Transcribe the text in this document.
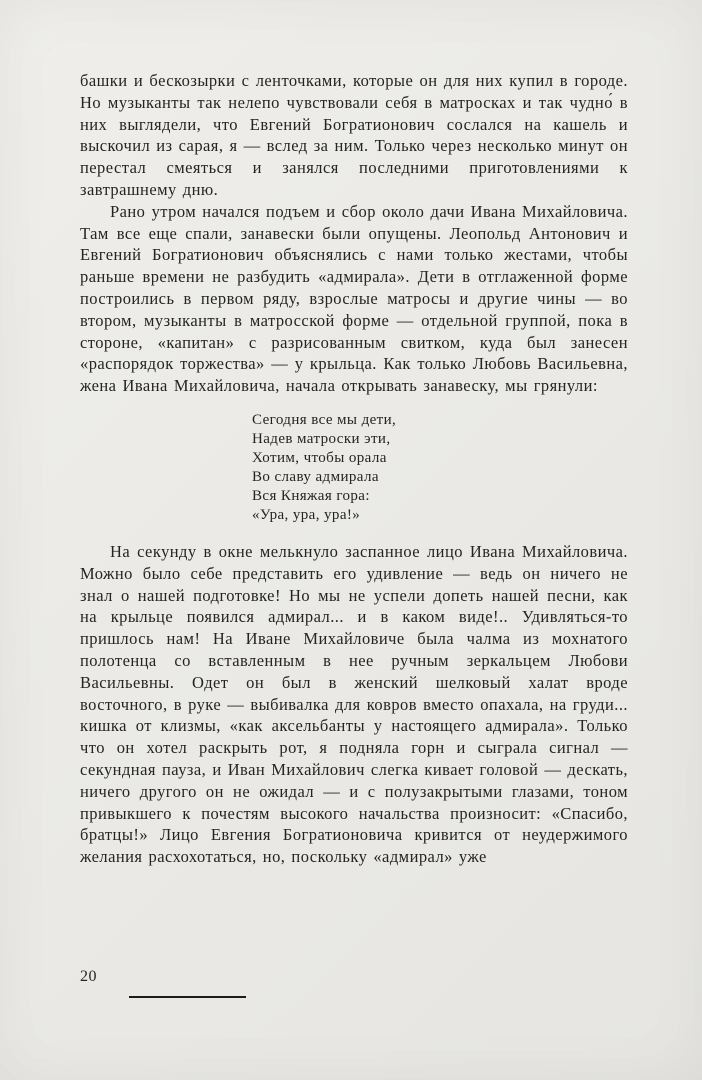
башки и бескозырки с ленточками, которые он для них купил в городе. Но музыканты так нелепо чувствовали себя в матросках и так чудно́ в них выглядели, что Евгений Богратионович сослался на кашель и выскочил из сарая, я — вслед за ним. Только через несколько минут он перестал смеяться и занялся последними приготовлениями к завтрашнему дню.

Рано утром начался подъем и сбор около дачи Ивана Михайловича. Там все еще спали, занавески были опущены. Леопольд Антонович и Евгений Богратионович объяснялись с нами только жестами, чтобы раньше времени не разбудить «адмирала». Дети в отглаженной форме построились в первом ряду, взрослые матросы и другие чины — во втором, музыканты в матросской форме — отдельной группой, пока в стороне, «капитан» с разрисованным свитком, куда был занесен «распорядок торжества» — у крыльца. Как только Любовь Васильевна, жена Ивана Михайловича, начала открывать занавеску, мы грянули:

Сегодня все мы дети,
Надев матроски эти,
Хотим, чтобы орала
Во славу адмирала
Вся Княжая гора:
«Ура, ура, ура!»

На секунду в окне мелькнуло заспанное лицо Ивана Михайловича. Можно было себе представить его удивление — ведь он ничего не знал о нашей подготовке! Но мы не успели допеть нашей песни, как на крыльце появился адмирал... и в каком виде!.. Удивляться-то пришлось нам! На Иване Михайловиче была чалма из мохнатого полотенца со вставленным в нее ручным зеркальцем Любови Васильевны. Одет он был в женский шелковый халат вроде восточного, в руке — выбивалка для ковров вместо опахала, на груди... кишка от клизмы, «как аксельбанты у настоящего адмирала». Только что он хотел раскрыть рот, я подняла горн и сыграла сигнал — секундная пауза, и Иван Михайлович слегка кивает головой — дескать, ничего другого он не ожидал — и с полузакрытыми глазами, тоном привыкшего к почестям высокого начальства произносит: «Спасибо, братцы!» Лицо Евгения Богратионовича кривится от неудержимого желания расхохотаться, но, поскольку «адмирал» уже

20
